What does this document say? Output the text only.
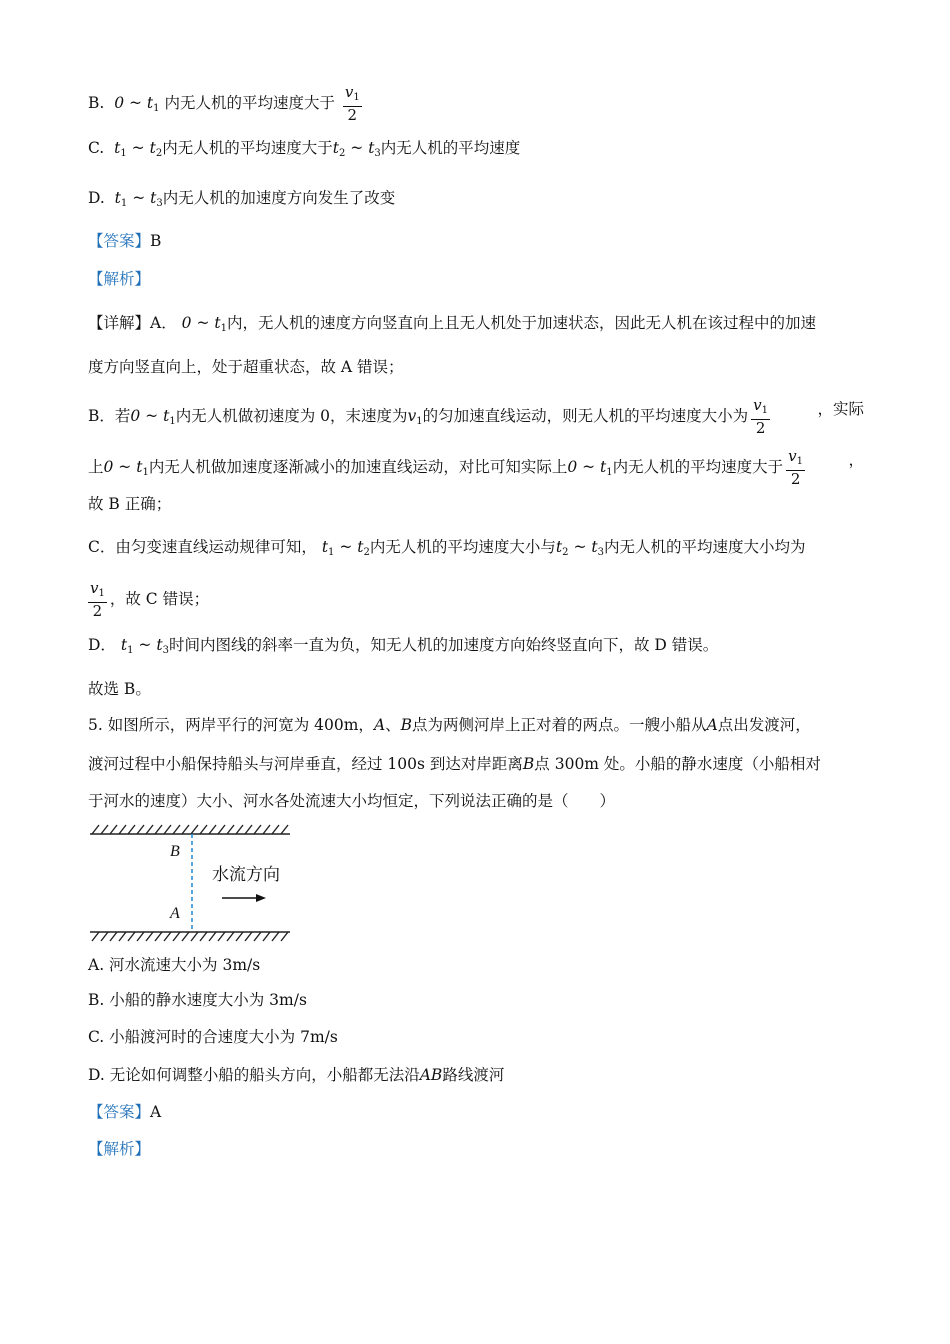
B. 0 ~ $t_1$ 内无人机的平均速度大于 $\frac{v_1}{2}$
C. $t_1$ ~ $t_2$内无人机的平均速度大于$t_2$ ~ $t_3$内无人机的平均速度
D. $t_1$ ~ $t_3$内无人机的加速度方向发生了改变
【答案】B
【解析】
【详解】A． 0 ~ $t_1$内，无人机的速度方向竖直向上且无人机处于加速状态，因此无人机在该过程中的加速
度方向竖直向上，处于超重状态，故 A 错误；
B．若0 ~ $t_1$内无人机做初速度为 0，末速度为$v_1$的匀加速直线运动，则无人机的平均速度大小为 $\frac{v_1}{2}$	，实际
上0 ~ $t_1$内无人机做加速度逐渐减小的加速直线运动，对比可知实际上0 ~ $t_1$内无人机的平均速度大于 $\frac{v_1}{2}$	，
故 B 正确；
C．由匀变速直线运动规律可知， $t_1$ ~ $t_2$内无人机的平均速度大小与$t_2$ ~ $t_3$内无人机的平均速度大小均为
$\frac{v_1}{2}$ ，故 C 错误；
D． $t_1$ ~ $t_3$时间内图线的斜率一直为负，知无人机的加速度方向始终竖直向下，故 D 错误。
故选 B。
5. 如图所示，两岸平行的河宽为 400m，A、B点为两侧河岸上正对着的两点。一艘小船从A点出发渡河，
渡河过程中小船保持船头与河岸垂直，经过 100s 到达对岸距离B点 300m 处。小船的静水速度（小船相对
于河水的速度）大小、河水各处流速大小均恒定，下列说法正确的是（　　）
B
A
水流方向
A. 河水流速大小为 3m/s
B. 小船的静水速度大小为 3m/s
C. 小船渡河时的合速度大小为 7m/s
D. 无论如何调整小船的船头方向，小船都无法沿AB路线渡河
【答案】A
【解析】
